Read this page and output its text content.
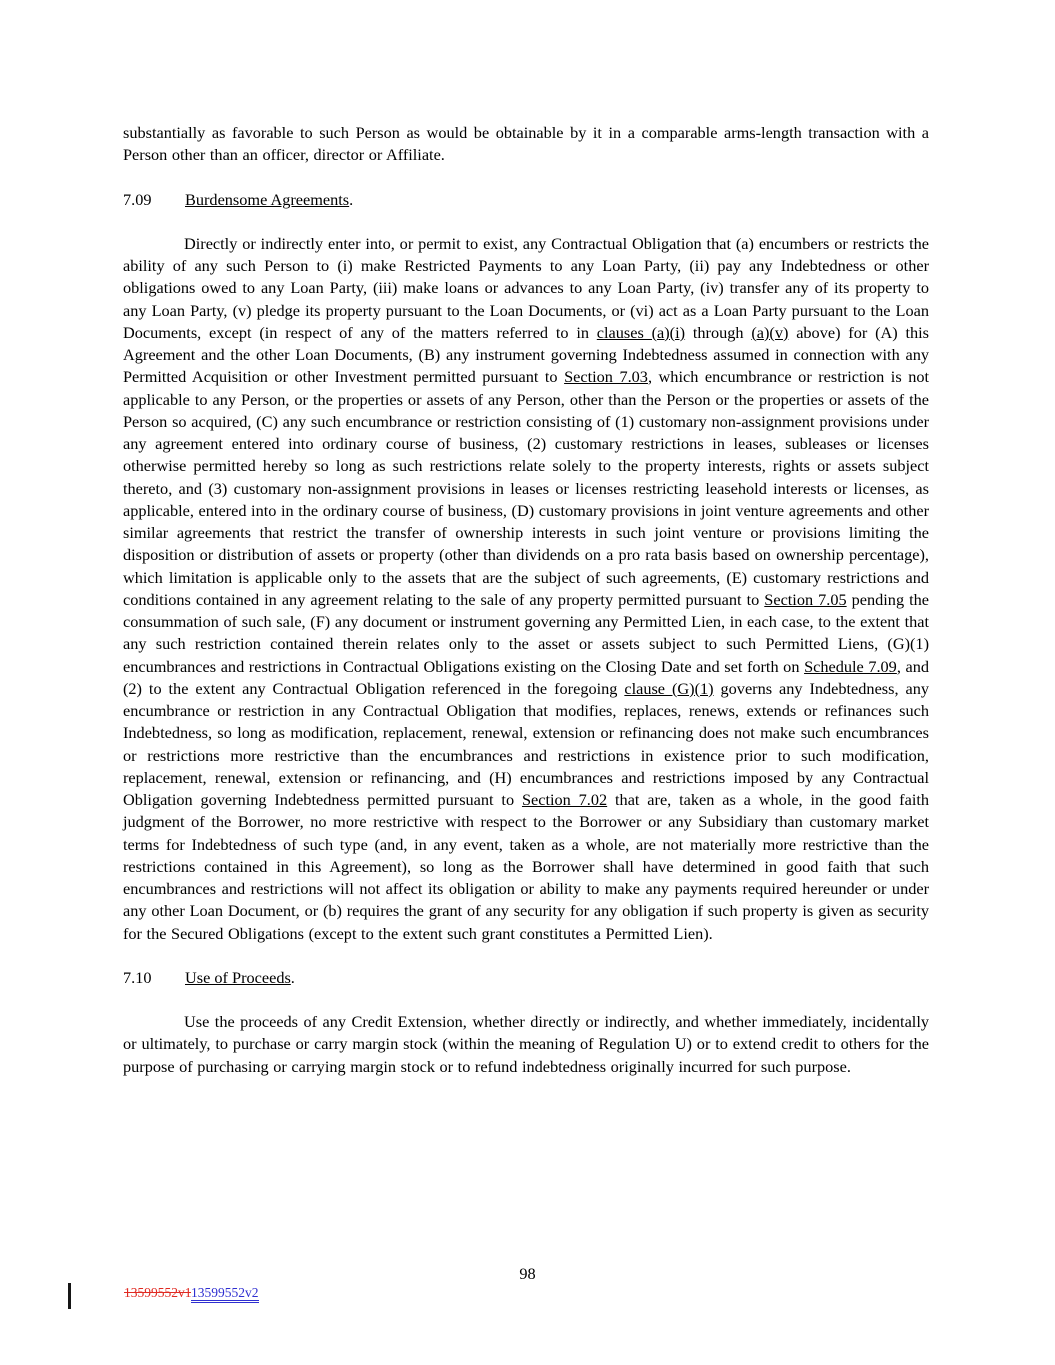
substantially as favorable to such Person as would be obtainable by it in a comparable arms-length transaction with a Person other than an officer, director or Affiliate.

7.09 Burdensome Agreements.

Directly or indirectly enter into, or permit to exist, any Contractual Obligation that (a) encumbers or restricts the ability of any such Person to (i) make Restricted Payments to any Loan Party, (ii) pay any Indebtedness or other obligations owed to any Loan Party, (iii) make loans or advances to any Loan Party, (iv) transfer any of its property to any Loan Party, (v) pledge its property pursuant to the Loan Documents, or (vi) act as a Loan Party pursuant to the Loan Documents, except (in respect of any of the matters referred to in clauses (a)(i) through (a)(v) above) for (A) this Agreement and the other Loan Documents, (B) any instrument governing Indebtedness assumed in connection with any Permitted Acquisition or other Investment permitted pursuant to Section 7.03, which encumbrance or restriction is not applicable to any Person, or the properties or assets of any Person, other than the Person or the properties or assets of the Person so acquired, (C) any such encumbrance or restriction consisting of (1) customary non-assignment provisions under any agreement entered into ordinary course of business, (2) customary restrictions in leases, subleases or licenses otherwise permitted hereby so long as such restrictions relate solely to the property interests, rights or assets subject thereto, and (3) customary non-assignment provisions in leases or licenses restricting leasehold interests or licenses, as applicable, entered into in the ordinary course of business, (D) customary provisions in joint venture agreements and other similar agreements that restrict the transfer of ownership interests in such joint venture or provisions limiting the disposition or distribution of assets or property (other than dividends on a pro rata basis based on ownership percentage), which limitation is applicable only to the assets that are the subject of such agreements, (E) customary restrictions and conditions contained in any agreement relating to the sale of any property permitted pursuant to Section 7.05 pending the consummation of such sale, (F) any document or instrument governing any Permitted Lien, in each case, to the extent that any such restriction contained therein relates only to the asset or assets subject to such Permitted Liens, (G)(1) encumbrances and restrictions in Contractual Obligations existing on the Closing Date and set forth on Schedule 7.09, and (2) to the extent any Contractual Obligation referenced in the foregoing clause (G)(1) governs any Indebtedness, any encumbrance or restriction in any Contractual Obligation that modifies, replaces, renews, extends or refinances such Indebtedness, so long as modification, replacement, renewal, extension or refinancing does not make such encumbrances or restrictions more restrictive than the encumbrances and restrictions in existence prior to such modification, replacement, renewal, extension or refinancing, and (H) encumbrances and restrictions imposed by any Contractual Obligation governing Indebtedness permitted pursuant to Section 7.02 that are, taken as a whole, in the good faith judgment of the Borrower, no more restrictive with respect to the Borrower or any Subsidiary than customary market terms for Indebtedness of such type (and, in any event, taken as a whole, are not materially more restrictive than the restrictions contained in this Agreement), so long as the Borrower shall have determined in good faith that such encumbrances and restrictions will not affect its obligation or ability to make any payments required hereunder or under any other Loan Document, or (b) requires the grant of any security for any obligation if such property is given as security for the Secured Obligations (except to the extent such grant constitutes a Permitted Lien).

7.10 Use of Proceeds.

Use the proceeds of any Credit Extension, whether directly or indirectly, and whether immediately, incidentally or ultimately, to purchase or carry margin stock (within the meaning of Regulation U) or to extend credit to others for the purpose of purchasing or carrying margin stock or to refund indebtedness originally incurred for such purpose.

98
13599552v113599552v2
